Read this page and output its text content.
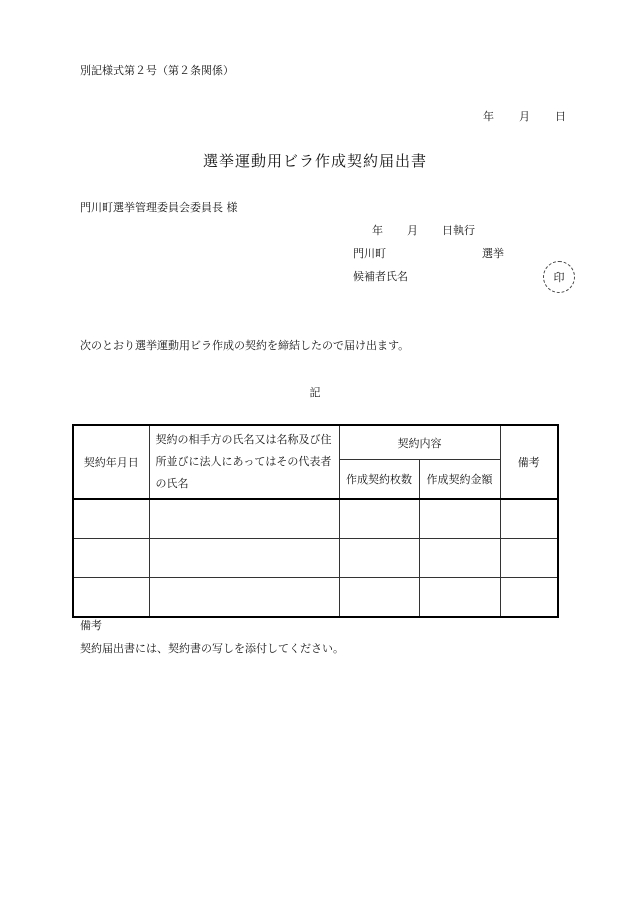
別記様式第２号（第２条関係）
年 月 日
選挙運動用ビラ作成契約届出書
門川町選挙管理委員会委員長 様
年 月 日執行
門川町	選挙
候補者氏名	印
次のとおり選挙運動用ビラ作成の契約を締結したので届け出ます。
記
契約年月日	契約の相手方の氏名又は名称及び住所並びに法人にあってはその代表者の氏名	契約内容		備考
		作成契約枚数	作成契約金額	

備考
契約届出書には、契約書の写しを添付してください。
